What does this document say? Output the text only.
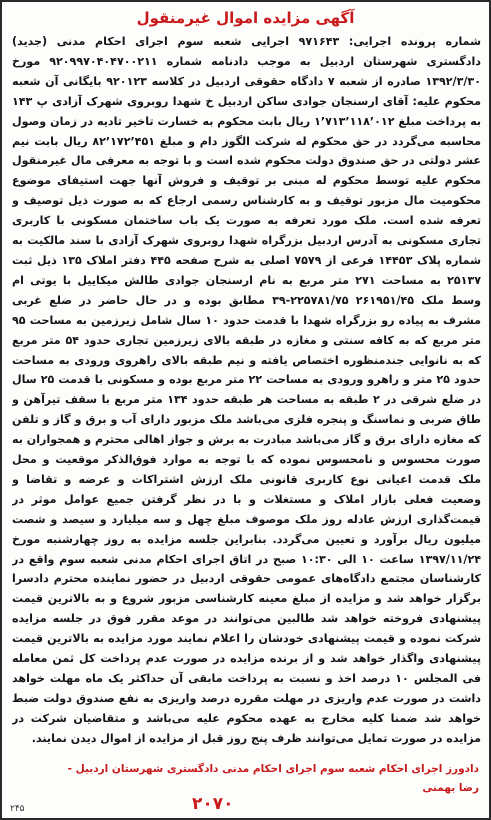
آگهی مزایده اموال غیرمنقول
شماره پرونده اجرایی: ۹۷۱۶۴۳ اجرایی شعبه سوم اجرای احکام مدنی (جدید) دادگستری شهرستان اردبیل به موجب دادنامه شماره ۹۲۰۹۹۷۰۴۰۴۷۰۰۲۱۱ مورخ ۱۳۹۲/۳/۳۰ صادره از شعبه ۷ دادگاه حقوقی اردبیل در کلاسه ۹۲۰۱۲۳ بایگانی آن شعبه محکوم علیه: آقای ارسنجان جوادی ساکن اردبیل خ شهدا روبروی شهرک آزادی پ ۱۴۳ به پرداخت مبلغ ۱٬۷۱۳٬۱۱۸٬۰۱۲ ریال بابت محکوم به خسارت تاخیر تادیه در زمان وصول محاسبه می‌گردد در حق محکوم له شرکت الگوز دام و مبلغ ۸۲٬۱۷۲٬۴۵۱ ریال بابت نیم عشر دولتی در حق صندوق دولت محکوم شده است و با توجه به معرفی مال غیرمنقول محکوم علیه توسط محکوم له مبنی بر توقیف و فروش آنها جهت استیفای موضوع محکومیت مال مزبور توقیف و به کارشناس رسمی ارجاع که به صورت ذیل توصیف و تعرفه شده است. ملک مورد تعرفه به صورت یک باب ساختمان مسکونی با کاربری تجاری مسکونی به آدرس اردبیل بزرگراه شهدا روبروی شهرک آزادی با سند مالکیت به شماره پلاک ۱۴۴۵۳ فرعی از ۷۵۷۹ اصلی به شرح صفحه ۴۴۵ دفتر املاک ۱۳۵ ذیل ثبت ۲۵۱۳۷ به مساحت ۲۷۱ متر مربع به نام ارسنجان جوادی طالش میکاییل با یوتی ام وسط ملک ۲۶۱۹۵۱/۴۵ ۲۲۵۷۸۱/۷۵-۳۹ مطابق بوده و در حال حاضر در ضلع غربی مشرف به پیاده رو بزرگراه شهدا با قدمت حدود ۱۰ سال شامل زیرزمین به مساحت ۹۵ متر مربع که به کافه سنتی و مغازه در طبقه بالای زیرزمین تجاری حدود ۵۴ متر مربع که به نانوایی جندمنظوره اختصاص یافته و نیم طبقه بالای راهروی ورودی به مساحت حدود ۲۵ متر و راهرو ورودی به مساحت ۲۲ متر مربع بوده و مسکونی با قدمت ۲۵ سال در ضلع شرقی در ۲ طبقه به مساحت هر طبقه حدود ۱۳۴ متر مربع با سقف تیرآهن و طاق ضربی و نماسنگ و پنجره فلزی می‌باشد ملک مزبور دارای آب و برق و گاز و تلفن که مغازه دارای برق و گاز می‌باشد مبادرت به برش و جواز اهالی محترم و همجواران به صورت محسوس و نامحسوس نموده که با توجه به موارد فوق‌الذکر موقعیت و محل ملک قدمت اعیانی نوع کاربری قانونی ملک ارزش اشتراکات و عرضه و تقاضا و وضعیت فعلی بازار املاک و مستغلات و با در نظر گرفتن جمیع عوامل موثر در قیمت‌گذاری ارزش عادله روز ملک موصوف مبلغ چهل و سه میلیارد و سیصد و شصت میلیون ریال برآورد و تعیین می‌گردد. بنابراین جلسه مزایده به روز چهارشنبه مورخ ۱۳۹۷/۱۱/۲۴ ساعت ۱۰ الی ۱۰:۳۰ صبح در اتاق اجرای احکام مدنی شعبه سوم واقع در کارشناسان مجتمع دادگاه‌های عمومی حقوقی اردبیل در حضور نماینده محترم دادسرا برگزار خواهد شد و مزایده از مبلغ معینه کارشناسی مزبور شروع و به بالاترین قیمت پیشنهادی فروخته خواهد شد طالبین می‌توانند در موعد مقرر فوق در جلسه مزایده شرکت نموده و قیمت پیشنهادی خودشان را اعلام نمایند مورد مزایده به بالاترین قیمت پیشنهادی واگذار خواهد شد و از برنده مزایده در صورت عدم پرداخت کل ثمن معامله فی المجلس ۱۰ درصد اخذ و نسبت به پرداخت مابقی آن حداکثر یک ماه مهلت خواهد داشت در صورت عدم واریزی در مهلت مقرره درصد واریزی به نفع صندوق دولت ضبط خواهد شد ضمنا کلیه مخارج به عهده محکوم علیه می‌باشد و متقاضیان شرکت در مزایده در صورت تمایل می‌توانند ظرف پنج روز قبل از مزایده از اموال دیدن نمایند.
دادورز اجرای احکام شعبه سوم اجرای احکام مدنی دادگستری شهرستان اردبیل -
رضا بهمنی
۲۰۷۰
۲۴۵
